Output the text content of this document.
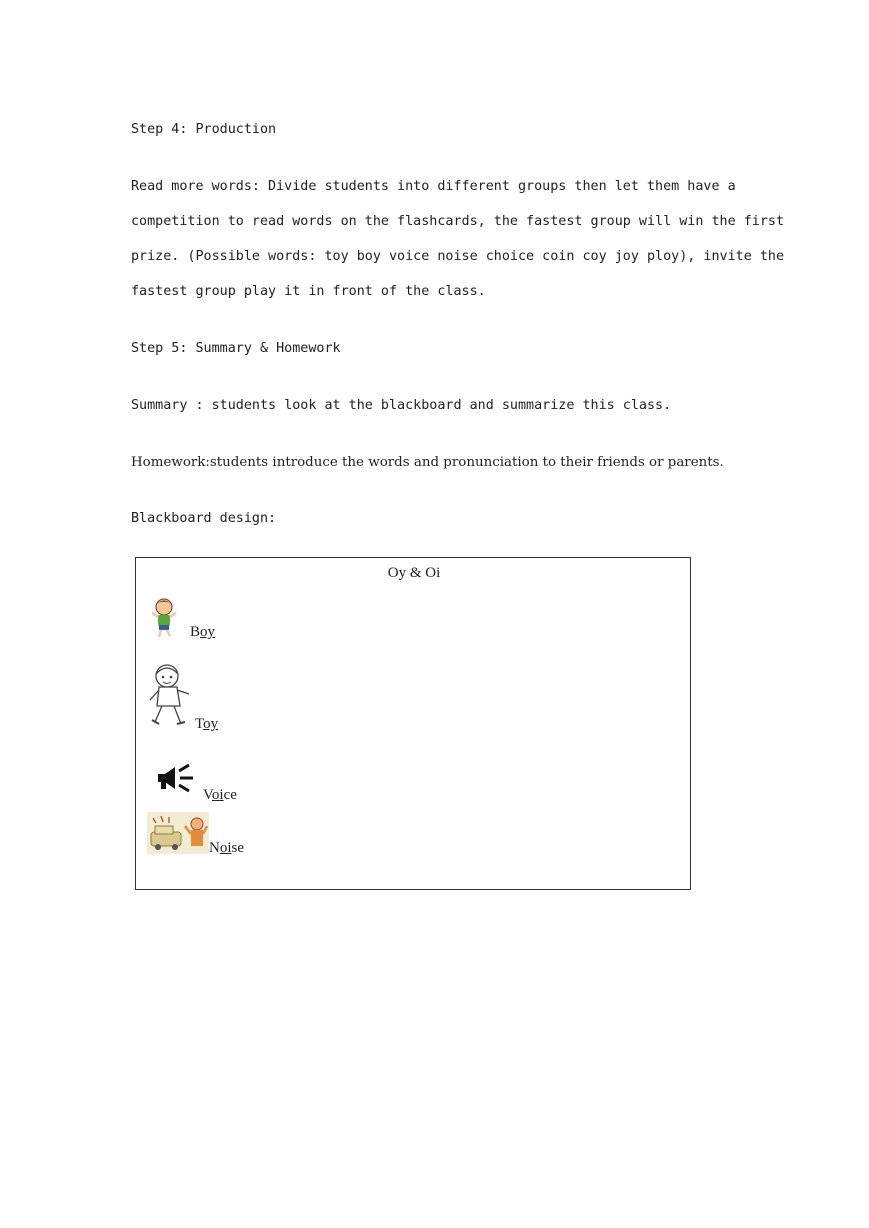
Step 4: Production
Read more words: Divide students into different groups then let them have a
competition to read words on the flashcards, the fastest group will win the first
prize. (Possible words: toy boy voice noise choice coin coy joy ploy), invite the
fastest group play it in front of the class.
Step 5: Summary & Homework
Summary : students look at the blackboard and summarize this class.
Homework:students introduce the words and pronunciation to their friends or parents.
Blackboard design:
Oy & Oi
Boy
Toy
Voice
Noise
